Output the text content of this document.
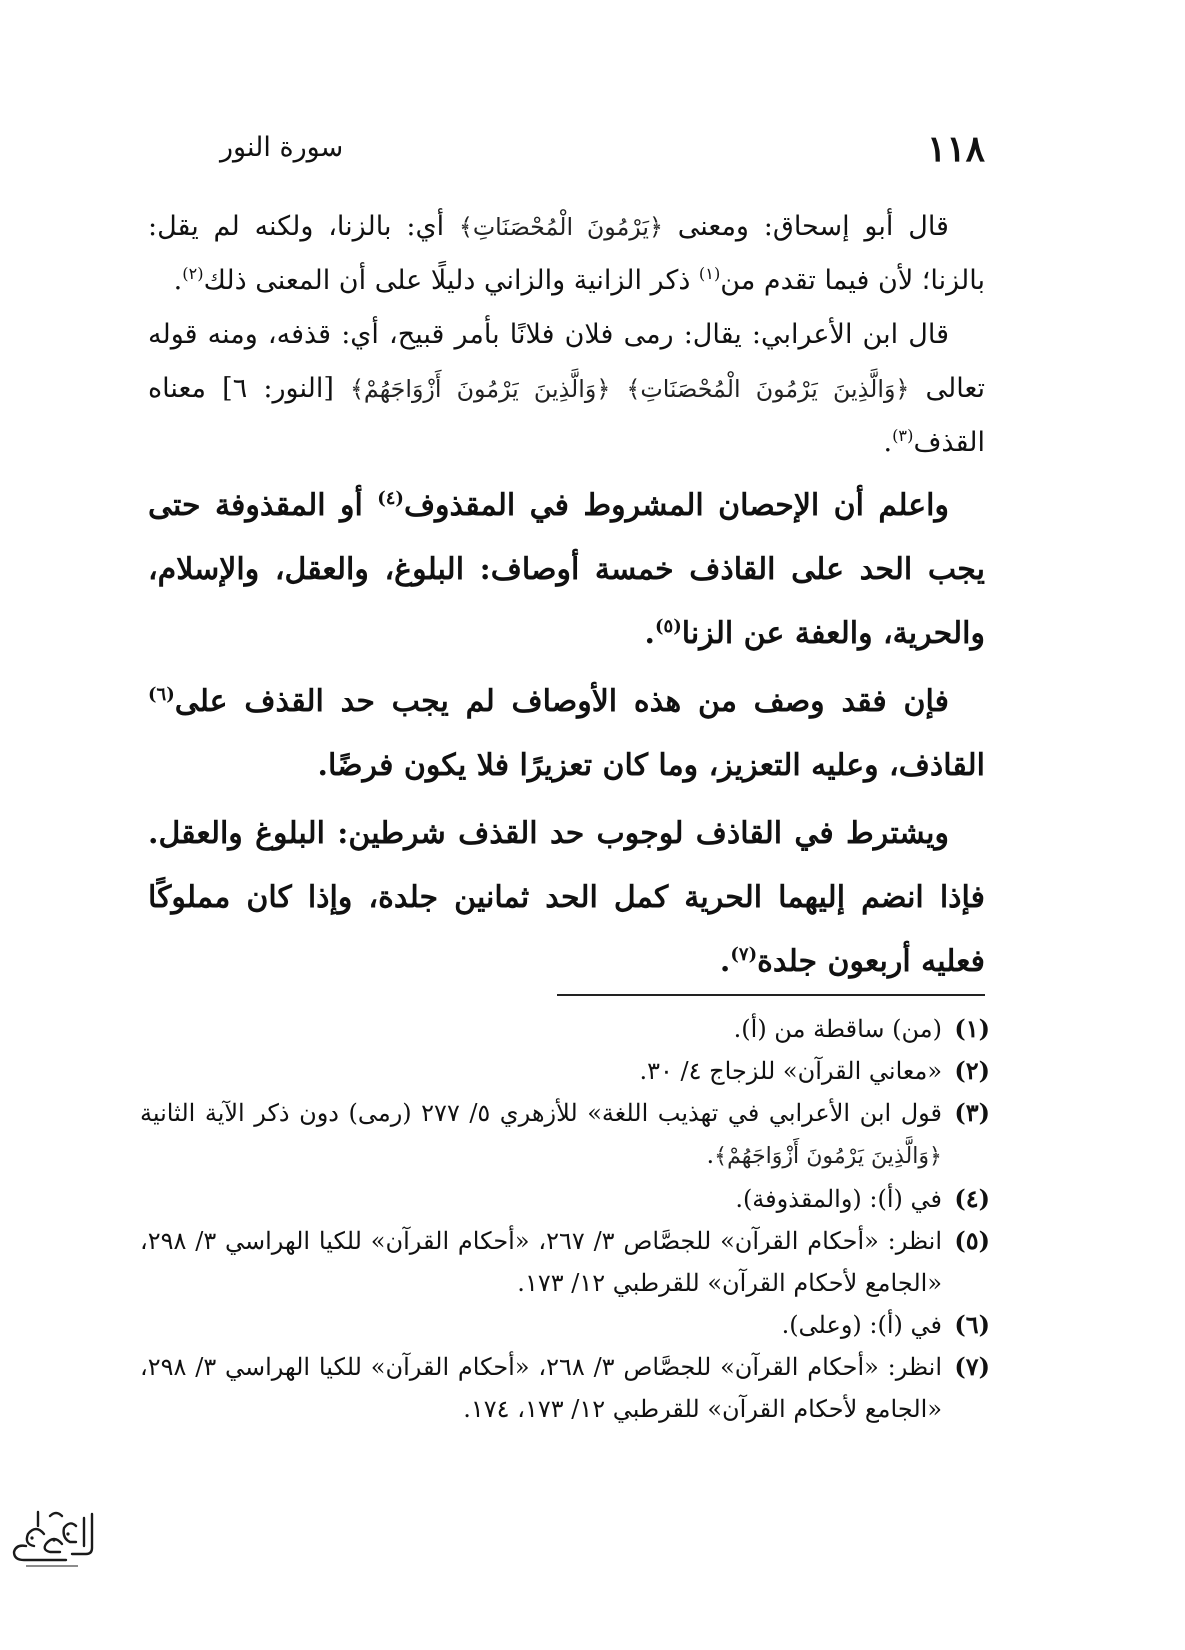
١١٨
سورة النور

قال أبو إسحاق: ومعنى ﴿يَرْمُونَ الْمُحْصَنَاتِ﴾ أي: بالزنا، ولكنه لم يقل: بالزنا؛ لأن فيما تقدم من$^{(١)}$ ذكر الزانية والزاني دليلًا على أن المعنى ذلك$^{(٢)}$.

قال ابن الأعرابي: يقال: رمى فلان فلانًا بأمر قبيح، أي: قذفه، ومنه قوله تعالى ﴿وَالَّذِينَ يَرْمُونَ الْمُحْصَنَاتِ﴾ ﴿وَالَّذِينَ يَرْمُونَ أَزْوَاجَهُمْ﴾ [النور: ٦] معناه القذف$^{(٣)}$.

واعلم أن الإحصان المشروط في المقذوف$^{(٤)}$ أو المقذوفة حتى يجب الحد على القاذف خمسة أوصاف: البلوغ، والعقل، والإسلام، والحرية، والعفة عن الزنا$^{(٥)}$.

فإن فقد وصف من هذه الأوصاف لم يجب حد القذف على$^{(٦)}$ القاذف، وعليه التعزيز، وما كان تعزيرًا فلا يكون فرضًا.

ويشترط في القاذف لوجوب حد القذف شرطين: البلوغ والعقل. فإذا انضم إليهما الحرية كمل الحد ثمانين جلدة، وإذا كان مملوكًا فعليه أربعون جلدة$^{(٧)}$.

(١)
(من) ساقطة من (أ).

(٢)
«معاني القرآن» للزجاج ٤/ ٣٠.

(٣)
قول ابن الأعرابي في تهذيب اللغة» للأزهري ٥/ ٢٧٧ (رمى) دون ذكر الآية الثانية ﴿وَالَّذِينَ يَرْمُونَ أَزْوَاجَهُمْ﴾.

(٤)
في (أ): (والمقذوفة).

(٥)
انظر: «أحكام القرآن» للجصَّاص ٣/ ٢٦٧، «أحكام القرآن» للكيا الهراسي ٣/ ٢٩٨، «الجامع لأحكام القرآن» للقرطبي ١٢/ ١٧٣.

(٦)
في (أ): (وعلى).

(٧)
انظر: «أحكام القرآن» للجصَّاص ٣/ ٢٦٨، «أحكام القرآن» للكيا الهراسي ٣/ ٢٩٨، «الجامع لأحكام القرآن» للقرطبي ١٢/ ١٧٣، ١٧٤.
